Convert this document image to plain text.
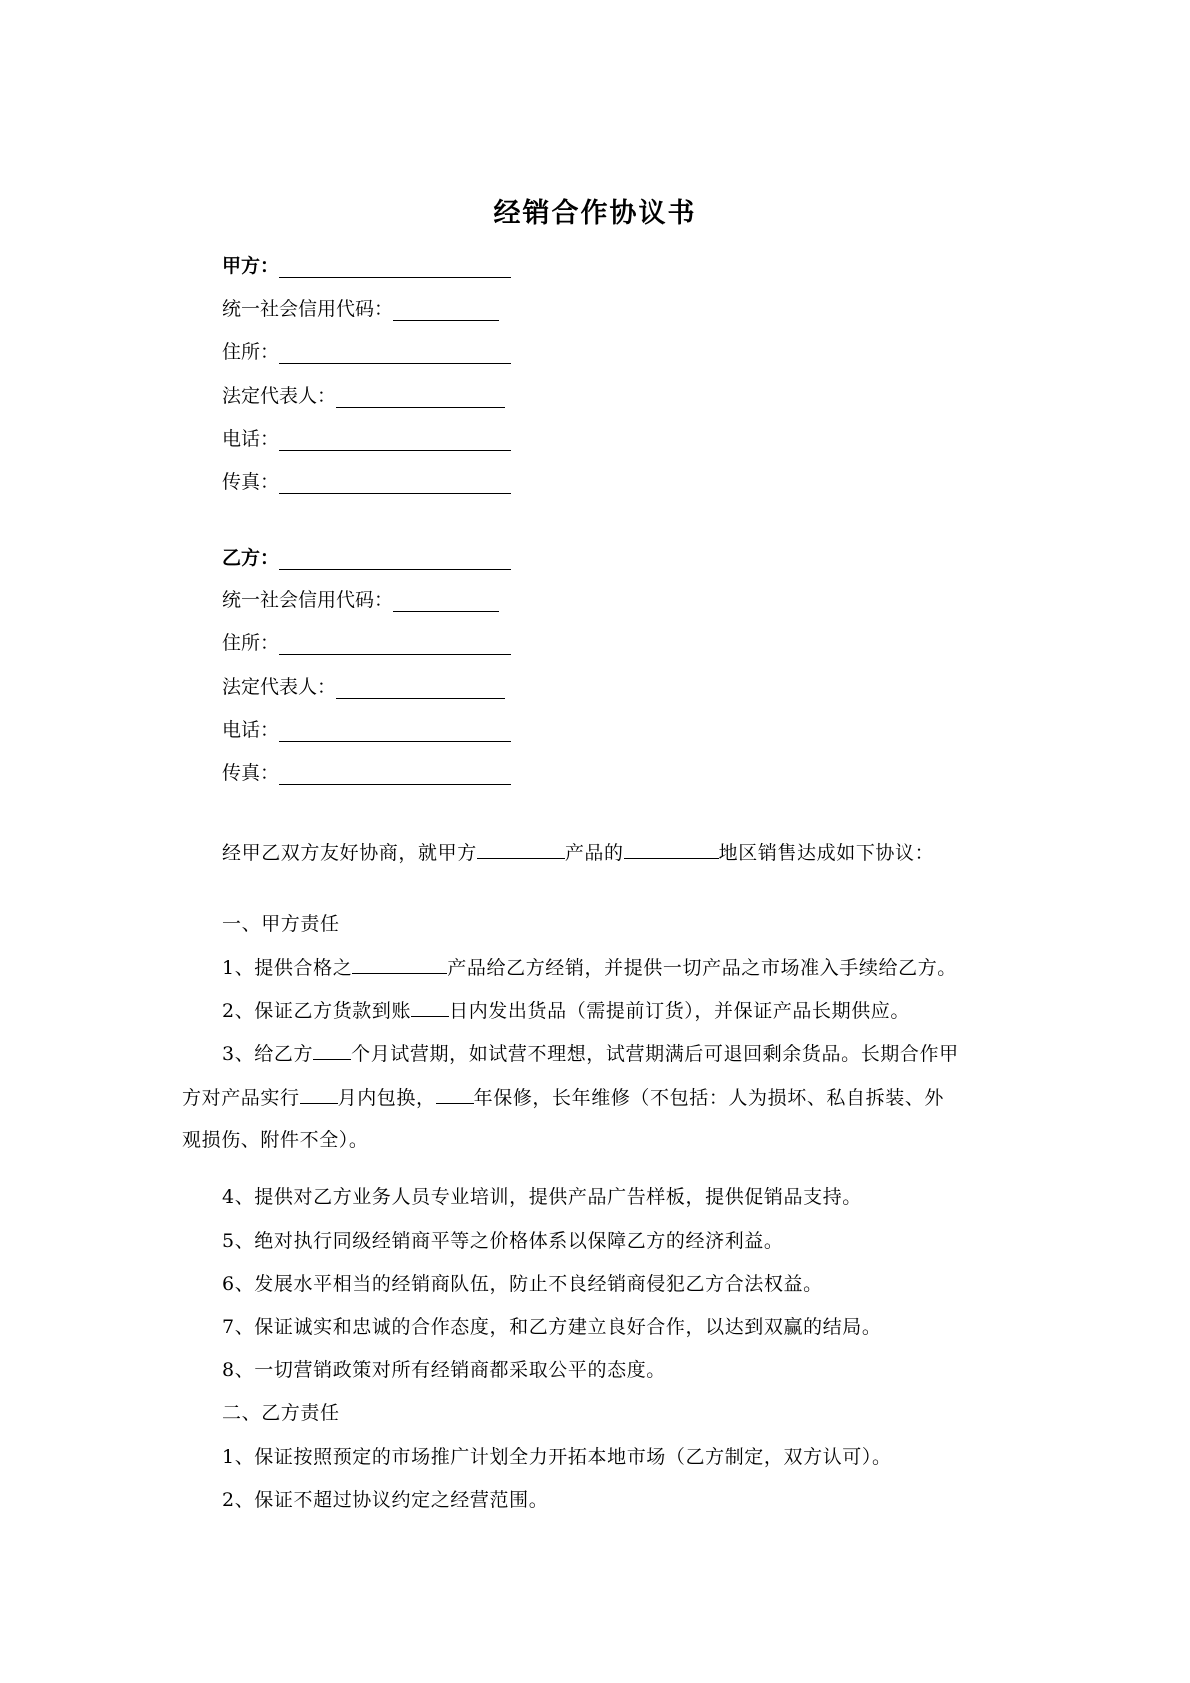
经销合作协议书
甲方：
统一社会信用代码：
住所：
法定代表人：
电话：
传真：
乙方：
统一社会信用代码：
住所：
法定代表人：
电话：
传真：
经甲乙双方友好协商，就甲方	产品的	地区销售达成如下协议：
一、甲方责任
1、提供合格之	产品给乙方经销，并提供一切产品之市场准入手续给乙方。
2、保证乙方货款到账 日内发出货品（需提前订货），并保证产品长期供应。
3、给乙方 个月试营期，如试营不理想，试营期满后可退回剩余货品。长期合作甲
方对产品实行 月内包换， 年保修，长年维修（不包括：人为损坏、私自拆装、外
观损伤、附件不全）。
4、提供对乙方业务人员专业培训，提供产品广告样板，提供促销品支持。
5、绝对执行同级经销商平等之价格体系以保障乙方的经济利益。
6、发展水平相当的经销商队伍，防止不良经销商侵犯乙方合法权益。
7、保证诚实和忠诚的合作态度，和乙方建立良好合作，以达到双赢的结局。
8、一切营销政策对所有经销商都采取公平的态度。
二、乙方责任
1、保证按照预定的市场推广计划全力开拓本地市场（乙方制定，双方认可）。
2、保证不超过协议约定之经营范围。
